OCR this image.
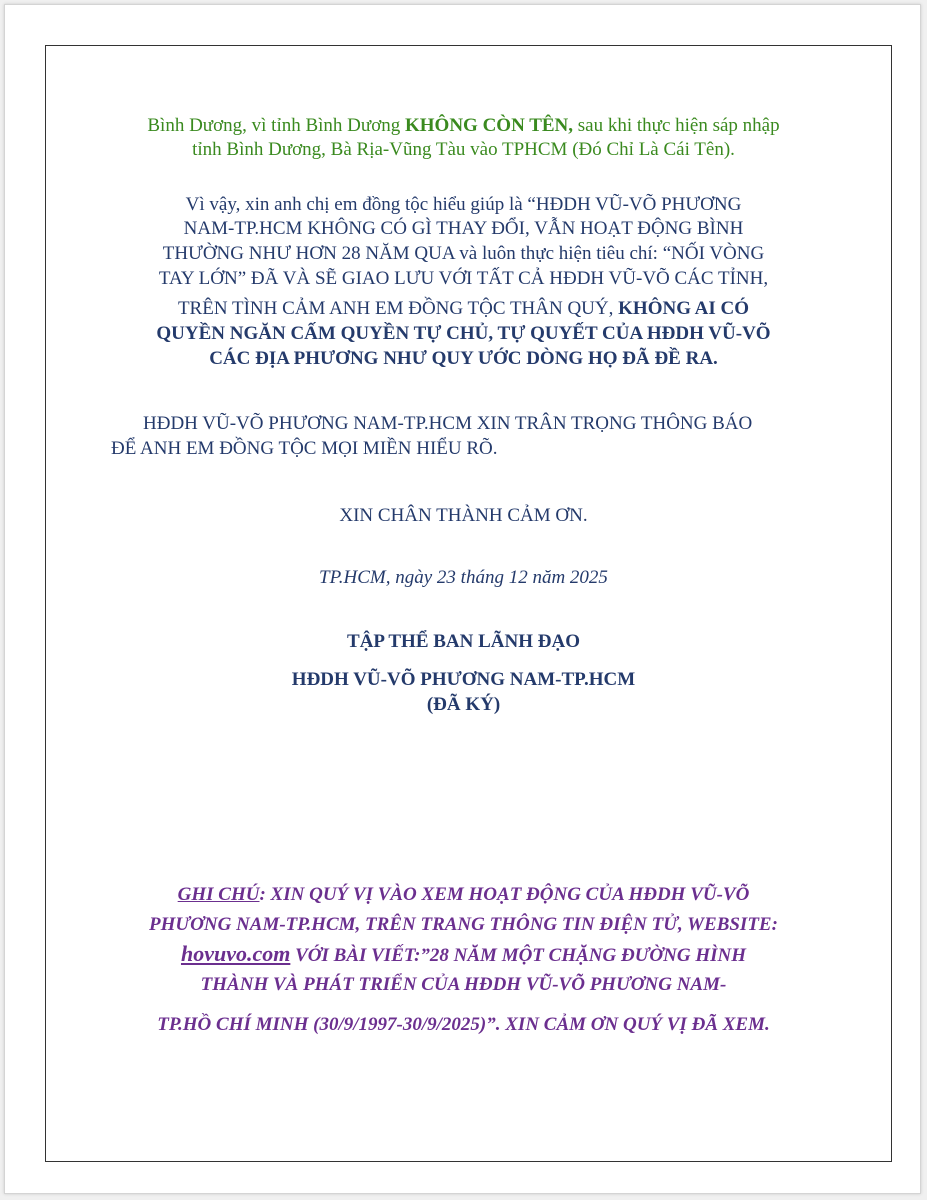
Bình Dương, vì tỉnh Bình Dương KHÔNG CÒN TÊN, sau khi thực hiện sáp nhập

tỉnh Bình Dương, Bà Rịa-Vũng Tàu vào TPHCM (Đó Chỉ Là Cái Tên).

Vì vậy, xin anh chị em đồng tộc hiểu giúp là “HĐDH VŨ-VÕ PHƯƠNG

NAM-TP.HCM KHÔNG CÓ GÌ THAY ĐỔI, VẪN HOẠT ĐỘNG BÌNH

THƯỜNG NHƯ HƠN 28 NĂM QUA và luôn thực hiện tiêu chí: “NỐI VÒNG

TAY LỚN” ĐÃ VÀ SẼ GIAO LƯU VỚI TẤT CẢ HĐDH VŨ-VÕ CÁC TỈNH,

TRÊN TÌNH CẢM ANH EM ĐỒNG TỘC THÂN QUÝ, KHÔNG AI CÓ

QUYỀN NGĂN CẤM QUYỀN TỰ CHỦ, TỰ QUYẾT CỦA HĐDH VŨ-VÕ

CÁC ĐỊA PHƯƠNG NHƯ QUY ƯỚC DÒNG HỌ ĐÃ ĐỀ RA.

HĐDH VŨ-VÕ PHƯƠNG NAM-TP.HCM XIN TRÂN TRỌNG THÔNG BÁO

ĐỂ ANH EM ĐỒNG TỘC MỌI MIỀN HIỂU RÕ.

XIN CHÂN THÀNH CẢM ƠN.

TP.HCM, ngày 23 tháng 12 năm 2025

TẬP THỂ BAN LÃNH ĐẠO

HĐDH VŨ-VÕ PHƯƠNG NAM-TP.HCM

(ĐÃ KÝ)

GHI CHÚ: XIN QUÝ VỊ VÀO XEM HOẠT ĐỘNG CỦA HĐDH VŨ-VÕ

PHƯƠNG NAM-TP.HCM, TRÊN TRANG THÔNG TIN ĐIỆN TỬ, WEBSITE:

hovuvo.com VỚI BÀI VIẾT:”28 NĂM MỘT CHẶNG ĐƯỜNG HÌNH

THÀNH VÀ PHÁT TRIỂN CỦA HĐDH VŨ-VÕ PHƯƠNG NAM-

TP.HỒ CHÍ MINH (30/9/1997-30/9/2025)”. XIN CẢM ƠN QUÝ VỊ ĐÃ XEM.
